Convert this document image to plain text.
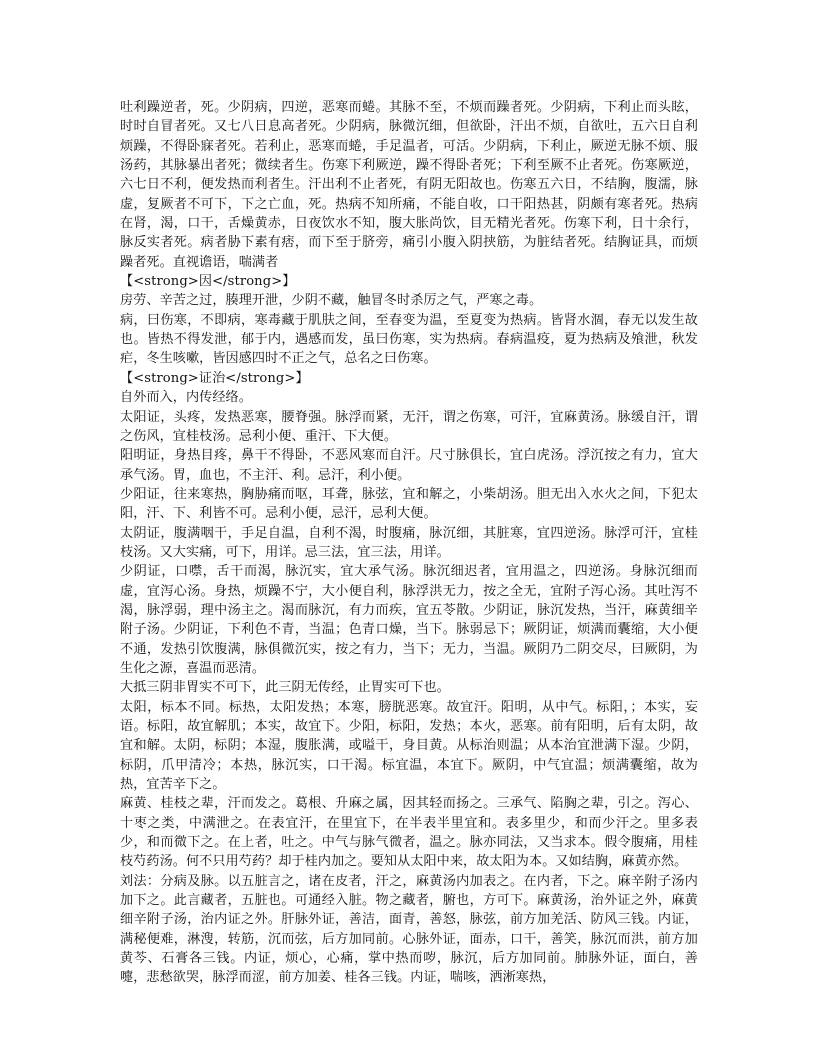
吐利躁逆者，死。少阴病，四逆，恶寒而蜷。其脉不至，不烦而躁者死。少阴病，下利止而头眩，时时自冒者死。又七八日息高者死。少阴病，脉微沉细，但欲卧，汗出不烦，自欲吐，五六日自利烦躁，不得卧寐者死。若利止，恶寒而蜷，手足温者，可活。少阴病，下利止，厥逆无脉不烦、服汤药，其脉暴出者死；微续者生。伤寒下利厥逆，躁不得卧者死；下利至厥不止者死。伤寒厥逆，六七日不利，便发热而利者生。汗出利不止者死，有阴无阳故也。伤寒五六日，不结胸，腹濡，脉虚，复厥者不可下，下之亡血，死。热病不知所痛，不能自收，口干阳热甚，阴颇有寒者死。热病在肾，渴，口干，舌燥黄赤，日夜饮水不知，腹大胀尚饮，目无精光者死。伤寒下利，日十余行，脉反实者死。病者胁下素有痞，而下至于脐旁，痛引小腹入阴挟筋，为脏结者死。结胸证具，而烦躁者死。直视谵语，喘满者

【<strong>因</strong>】

房劳、辛苦之过，腠理开泄，少阴不藏，触冒冬时杀厉之气，严寒之毒。

病，曰伤寒，不即病，寒毒藏于肌肤之间，至春变为温，至夏变为热病。皆肾水涸，春无以发生故也。皆热不得发泄，郁于内，遇感而发，虽曰伤寒，实为热病。春病温疫，夏为热病及飧泄，秋发 疟，冬生咳嗽，皆因感四时不正之气，总名之曰伤寒。

【<strong>证治</strong>】

自外而入，内传经络。

太阳证，头疼，发热恶寒，腰脊强。脉浮而紧，无汗，谓之伤寒，可汗，宜麻黄汤。脉缓自汗，谓之伤风，宜桂枝汤。忌利小便、重汗、下大便。

阳明证，身热目疼，鼻干不得卧，不恶风寒而自汗。尺寸脉俱长，宜白虎汤。浮沉按之有力，宜大承气汤。胃，血也，不主汗、利。忌汗，利小便。

少阳证，往来寒热，胸胁痛而呕，耳聋，脉弦，宜和解之，小柴胡汤。胆无出入水火之间，下犯太阳，汗、下、利皆不可。忌利小便，忌汗，忌利大便。

太阴证，腹满咽干，手足自温，自利不渴，时腹痛，脉沉细，其脏寒，宜四逆汤。脉浮可汗，宜桂枝汤。又大实痛，可下，用详。忌三法，宜三法，用详。

少阴证，口噤，舌干而渴，脉沉实，宜大承气汤。脉沉细迟者，宜用温之，四逆汤。身脉沉细而虚，宜泻心汤。身热，烦躁不宁，大小便自利，脉浮洪无力，按之全无，宜附子泻心汤。其吐泻不渴，脉浮弱，理中汤主之。渴而脉沉，有力而疾，宜五苓散。少阴证，脉沉发热，当汗，麻黄细辛附子汤。少阴证，下利色不青，当温；色青口燥，当下。脉弱忌下；厥阴证，烦满而囊缩，大小便不通，发热引饮腹满，脉俱微沉实，按之有力，当下；无力，当温。厥阴乃二阴交尽，曰厥阴，为生化之源，喜温而恶清。

大抵三阴非胃实不可下，此三阴无传经，止胃实可下也。

太阳，标本不同。标热，太阳发热；本寒，膀胱恶寒。故宜汗。阳明，从中气。标阳，；本实，妄语。标阳，故宜解肌；本实，故宜下。少阳，标阳，发热；本火，恶寒。前有阳明，后有太阴，故宜和解。太阴，标阴；本湿，腹胀满，或嗌干，身目黄。从标治则温；从本治宜泄满下湿。少阴，标阴，爪甲清冷；本热，脉沉实，口干渴。标宜温，本宜下。厥阴，中气宜温；烦满囊缩，故为热，宜苦辛下之。

麻黄、桂枝之辈，汗而发之。葛根、升麻之属，因其轻而扬之。三承气、陷胸之辈，引之。泻心、十枣之类，中满泄之。在表宜汗，在里宜下，在半表半里宜和。表多里少，和而少汗之。里多表少，和而微下之。在上者，吐之。中气与脉气微者，温之。脉亦同法，又当求本。假令腹痛，用桂枝芍药汤。何不只用芍药？却于桂内加之。要知从太阳中来，故太阳为本。又如结胸，麻黄亦然。

刘法：分病及脉。以五脏言之，诸在皮者，汗之，麻黄汤内加表之。在内者，下之。麻辛附子汤内加下之。此言藏者，五脏也。可通经入脏。物之藏者，腑也，方可下。麻黄汤，治外证之外，麻黄细辛附子汤，治内证之外。肝脉外证，善洁，面青，善怒，脉弦，前方加羌活、防风三钱。内证，满秘便难，淋溲，转筋，沉而弦，后方加同前。心脉外证，面赤，口干，善笑，脉沉而洪，前方加黄芩、石膏各三钱。内证，烦心，心痛，掌中热而哕，脉沉，后方加同前。肺脉外证，面白，善嚏，悲愁欲哭，脉浮而涩，前方加姜、桂各三钱。内证，喘咳，洒淅寒热，
